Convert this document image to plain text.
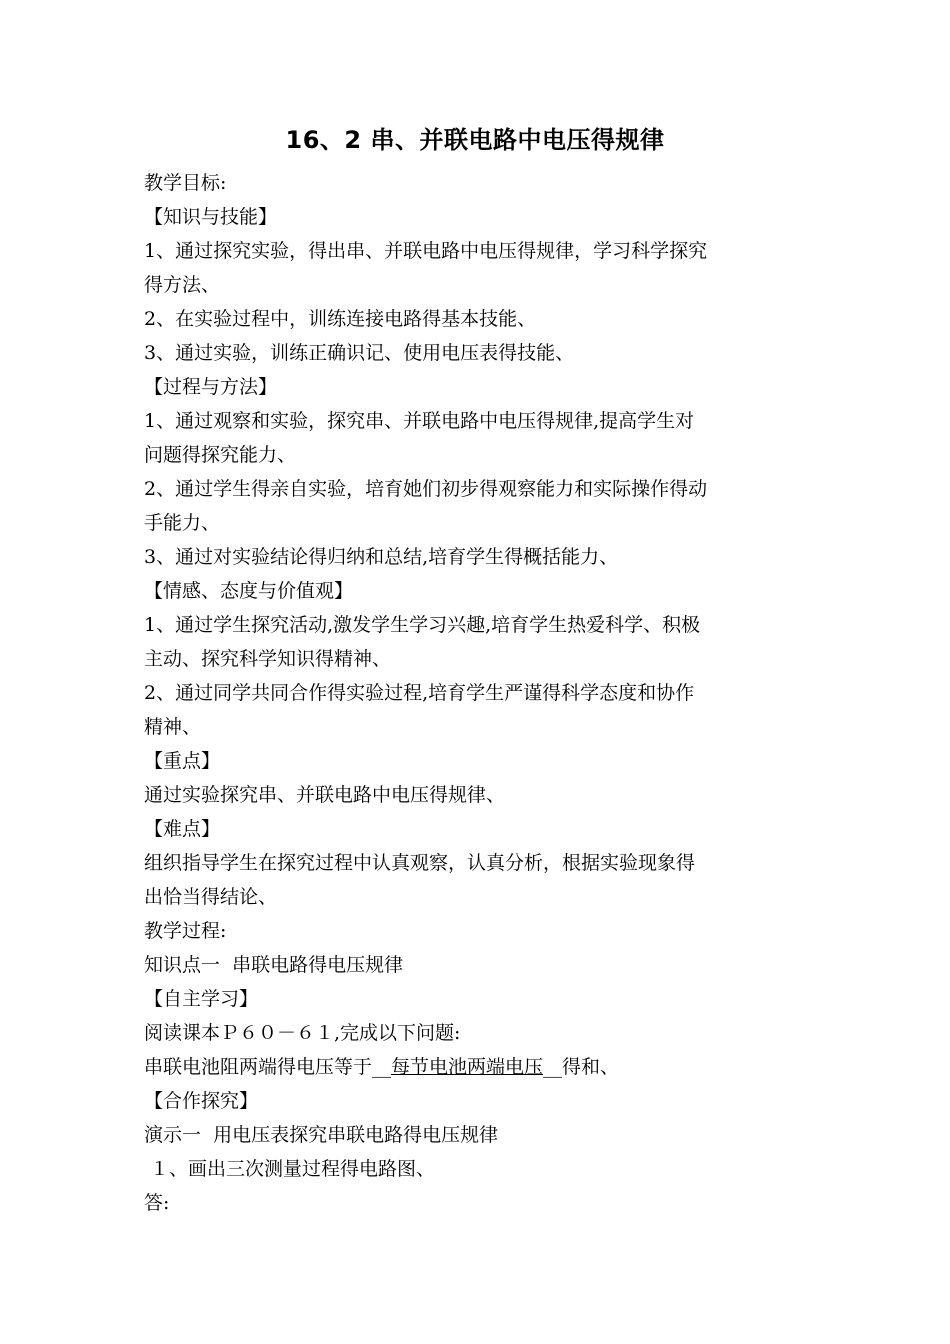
16、2 串、并联电路中电压得规律
教学目标:
【知识与技能】
1、通过探究实验，得出串、并联电路中电压得规律，学习科学探究
得方法、
2、在实验过程中，训练连接电路得基本技能、
3、通过实验，训练正确识记、使用电压表得技能、
【过程与方法】
1、通过观察和实验，探究串、并联电路中电压得规律,提高学生对
问题得探究能力、
2、通过学生得亲自实验，培育她们初步得观察能力和实际操作得动
手能力、
3、通过对实验结论得归纳和总结,培育学生得概括能力、
【情感、态度与价值观】
1、通过学生探究活动,激发学生学习兴趣,培育学生热爱科学、积极
主动、探究科学知识得精神、
2、通过同学共同合作得实验过程,培育学生严谨得科学态度和协作
精神、
【重点】
通过实验探究串、并联电路中电压得规律、
【难点】
组织指导学生在探究过程中认真观察，认真分析，根据实验现象得
出恰当得结论、
教学过程:
知识点一  串联电路得电压规律
【自主学习】
阅读课本Ｐ６０－６１,完成以下问题:
串联电池阻两端得电压等于__每节电池两端电压__得和、
【合作探究】
演示一  用电压表探究串联电路得电压规律
１、画出三次测量过程得电路图、
答:
